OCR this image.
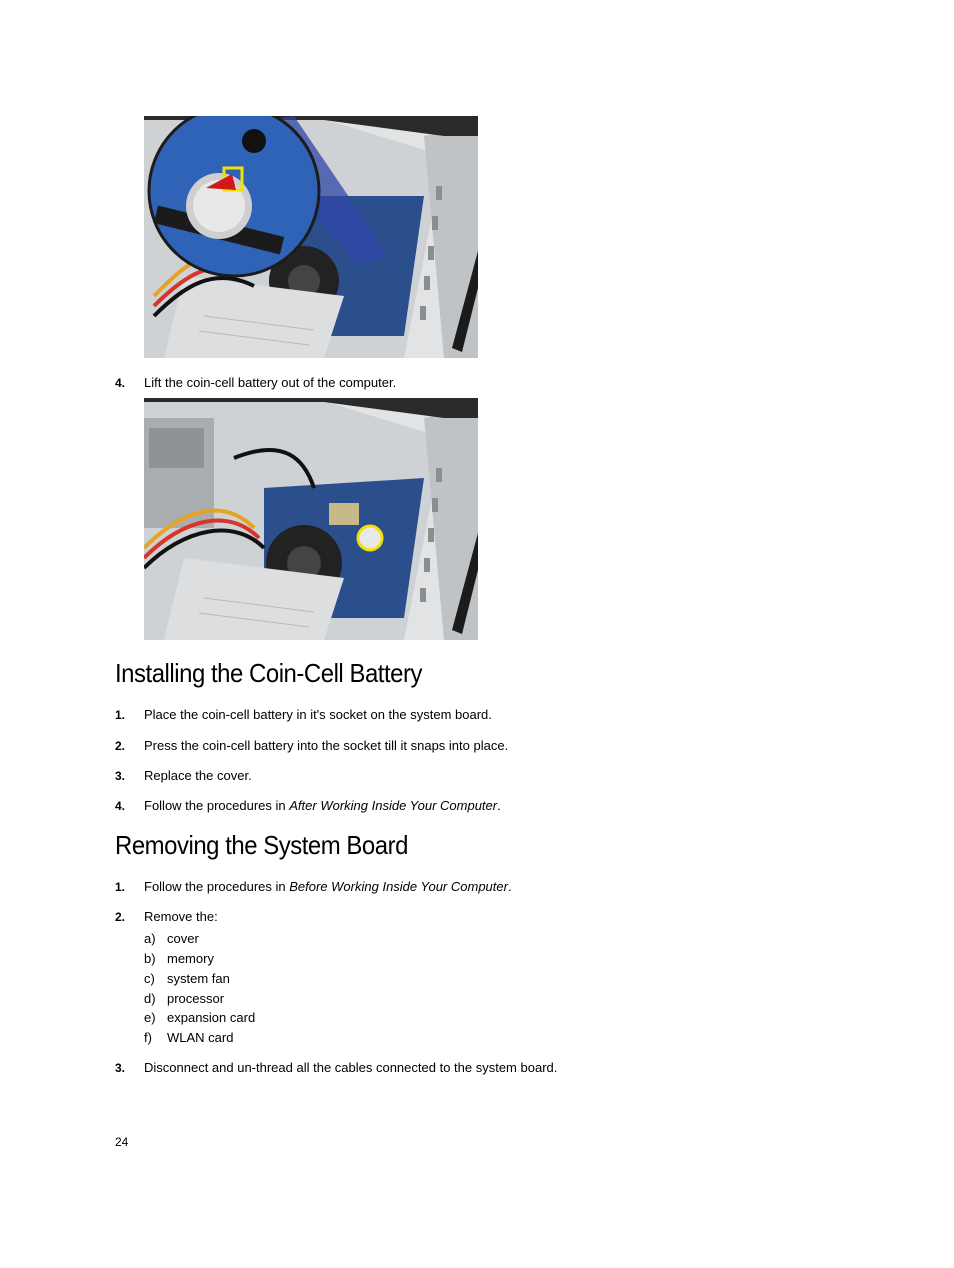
4. Lift the coin-cell battery out of the computer.
Installing the Coin-Cell Battery
1. Place the coin-cell battery in it's socket on the system board.
2. Press the coin-cell battery into the socket till it snaps into place.
3. Replace the cover.
4. Follow the procedures in After Working Inside Your Computer.
Removing the System Board
1. Follow the procedures in Before Working Inside Your Computer.
2. Remove the:
a) cover
b) memory
c) system fan
d) processor
e) expansion card
f) WLAN card
3. Disconnect and un-thread all the cables connected to the system board.
24
